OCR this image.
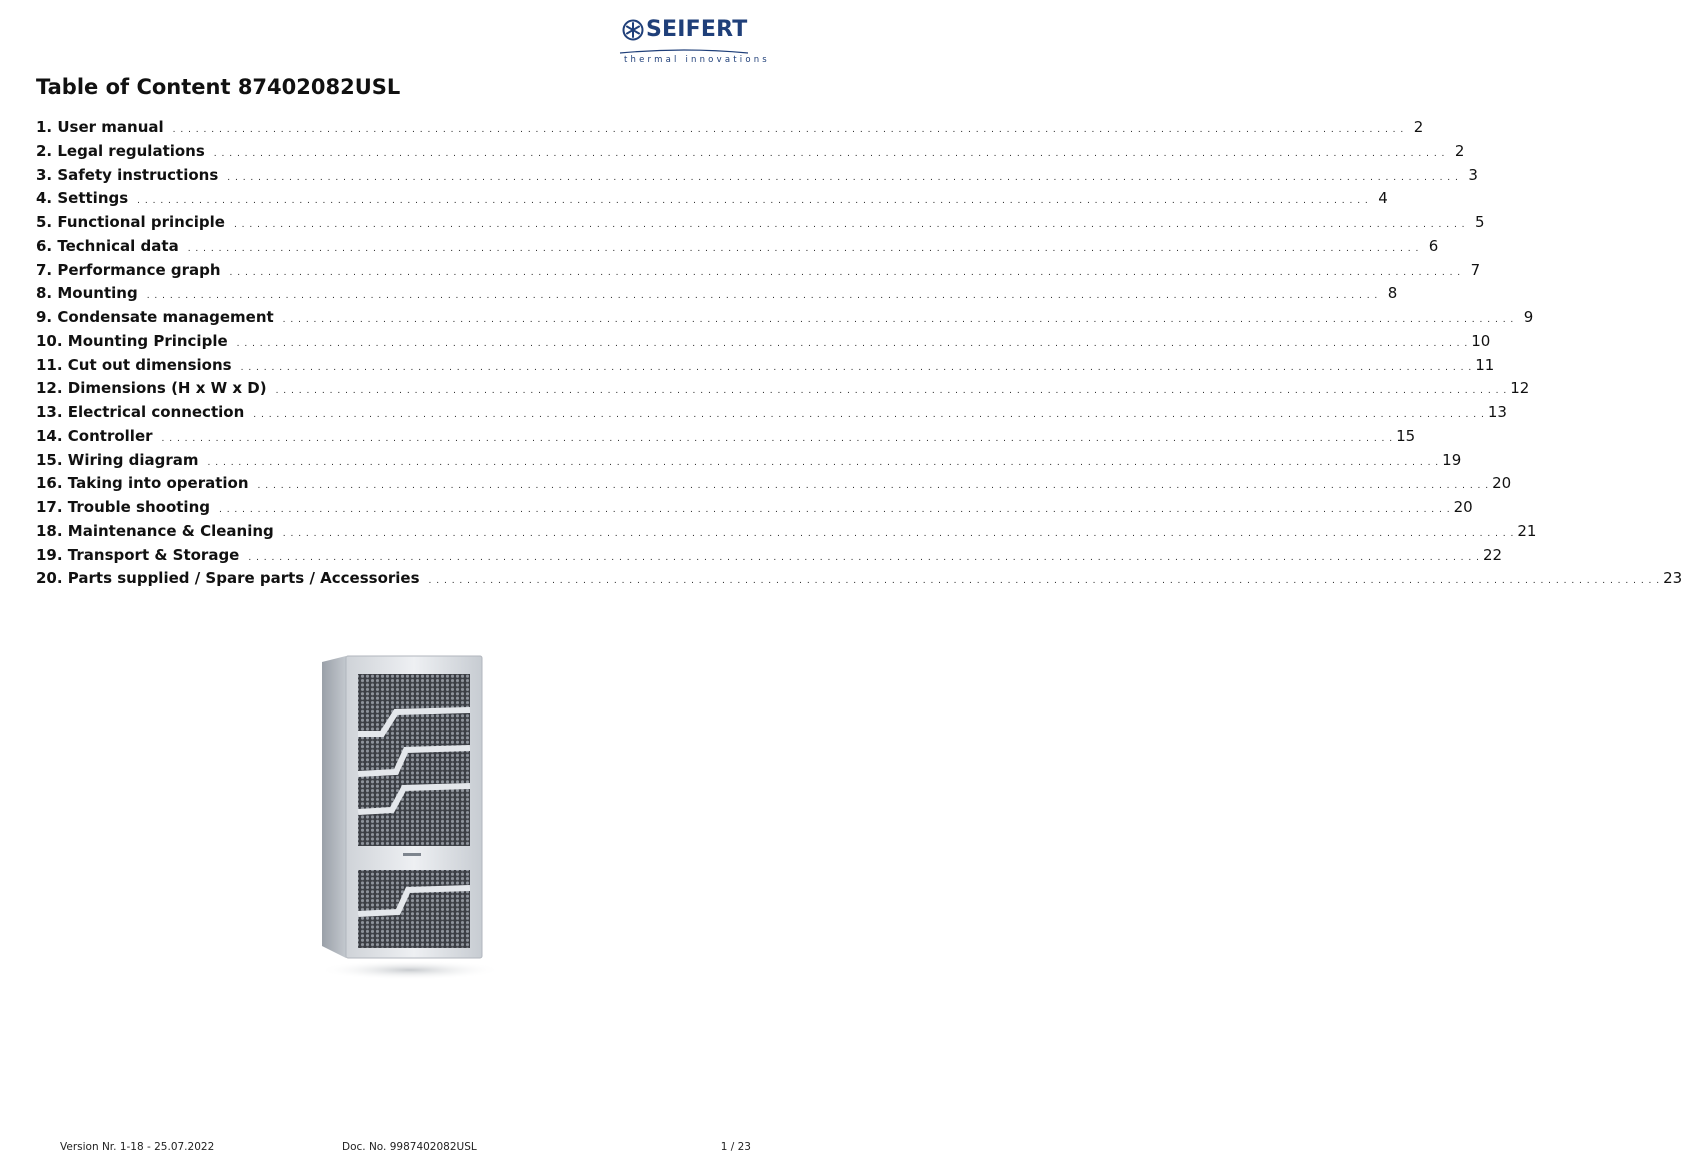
SEIFERT
thermal innovations
Table of Content 87402082USL
1. User manual . . . . . . . . . . . . . . . . . . . . . . . . . . . . . . . . . . . . . . . . . . . . . . . . . . . . . . . . . . . . . . . . . . . . . . . . . . . . . . . . . . . . . . . . . . . . . . . . . . . . . . . . . . . . . . . . . . . . . . . . . . . . . . . . . . . . . . . . . . . . . . . . . . . . . . . . . . . . . . . . 2
2. Legal regulations . . . . . . . . . . . . . . . . . . . . . . . . . . . . . . . . . . . . . . . . . . . . . . . . . . . . . . . . . . . . . . . . . . . . . . . . . . . . . . . . . . . . . . . . . . . . . . . . . . . . . . . . . . . . . . . . . . . . . . . . . . . . . . . . . . . . . . . . . . . . . . . . . . . . . . . . . . . . . . . . 2
3. Safety instructions . . . . . . . . . . . . . . . . . . . . . . . . . . . . . . . . . . . . . . . . . . . . . . . . . . . . . . . . . . . . . . . . . . . . . . . . . . . . . . . . . . . . . . . . . . . . . . . . . . . . . . . . . . . . . . . . . . . . . . . . . . . . . . . . . . . . . . . . . . . . . . . . . . . . . . . . . . . . . . . . 3
4. Settings . . . . . . . . . . . . . . . . . . . . . . . . . . . . . . . . . . . . . . . . . . . . . . . . . . . . . . . . . . . . . . . . . . . . . . . . . . . . . . . . . . . . . . . . . . . . . . . . . . . . . . . . . . . . . . . . . . . . . . . . . . . . . . . . . . . . . . . . . . . . . . . . . . . . . . . . . . . . . . . . 4
5. Functional principle . . . . . . . . . . . . . . . . . . . . . . . . . . . . . . . . . . . . . . . . . . . . . . . . . . . . . . . . . . . . . . . . . . . . . . . . . . . . . . . . . . . . . . . . . . . . . . . . . . . . . . . . . . . . . . . . . . . . . . . . . . . . . . . . . . . . . . . . . . . . . . . . . . . . . . . . . . . . . . . . 5
6. Technical data . . . . . . . . . . . . . . . . . . . . . . . . . . . . . . . . . . . . . . . . . . . . . . . . . . . . . . . . . . . . . . . . . . . . . . . . . . . . . . . . . . . . . . . . . . . . . . . . . . . . . . . . . . . . . . . . . . . . . . . . . . . . . . . . . . . . . . . . . . . . . . . . . . . . . . . . . . . . . . . . 6
7. Performance graph . . . . . . . . . . . . . . . . . . . . . . . . . . . . . . . . . . . . . . . . . . . . . . . . . . . . . . . . . . . . . . . . . . . . . . . . . . . . . . . . . . . . . . . . . . . . . . . . . . . . . . . . . . . . . . . . . . . . . . . . . . . . . . . . . . . . . . . . . . . . . . . . . . . . . . . . . . . . . . . . 7
8. Mounting . . . . . . . . . . . . . . . . . . . . . . . . . . . . . . . . . . . . . . . . . . . . . . . . . . . . . . . . . . . . . . . . . . . . . . . . . . . . . . . . . . . . . . . . . . . . . . . . . . . . . . . . . . . . . . . . . . . . . . . . . . . . . . . . . . . . . . . . . . . . . . . . . . . . . . . . . . . . . . . . 8
9. Condensate management . . . . . . . . . . . . . . . . . . . . . . . . . . . . . . . . . . . . . . . . . . . . . . . . . . . . . . . . . . . . . . . . . . . . . . . . . . . . . . . . . . . . . . . . . . . . . . . . . . . . . . . . . . . . . . . . . . . . . . . . . . . . . . . . . . . . . . . . . . . . . . . . . . . . . . . . . . . . . . . . 9
10. Mounting Principle . . . . . . . . . . . . . . . . . . . . . . . . . . . . . . . . . . . . . . . . . . . . . . . . . . . . . . . . . . . . . . . . . . . . . . . . . . . . . . . . . . . . . . . . . . . . . . . . . . . . . . . . . . . . . . . . . . . . . . . . . . . . . . . . . . . . . . . . . . . . . . . . . . . . . . . . . . . . . . . . 10
11. Cut out dimensions . . . . . . . . . . . . . . . . . . . . . . . . . . . . . . . . . . . . . . . . . . . . . . . . . . . . . . . . . . . . . . . . . . . . . . . . . . . . . . . . . . . . . . . . . . . . . . . . . . . . . . . . . . . . . . . . . . . . . . . . . . . . . . . . . . . . . . . . . . . . . . . . . . . . . . . . . . . . . . . . 11
12. Dimensions (H x W x D) . . . . . . . . . . . . . . . . . . . . . . . . . . . . . . . . . . . . . . . . . . . . . . . . . . . . . . . . . . . . . . . . . . . . . . . . . . . . . . . . . . . . . . . . . . . . . . . . . . . . . . . . . . . . . . . . . . . . . . . . . . . . . . . . . . . . . . . . . . . . . . . . . . . . . . . . . . . . . . . . 12
13. Electrical connection . . . . . . . . . . . . . . . . . . . . . . . . . . . . . . . . . . . . . . . . . . . . . . . . . . . . . . . . . . . . . . . . . . . . . . . . . . . . . . . . . . . . . . . . . . . . . . . . . . . . . . . . . . . . . . . . . . . . . . . . . . . . . . . . . . . . . . . . . . . . . . . . . . . . . . . . . . . . . . . . 13
14. Controller . . . . . . . . . . . . . . . . . . . . . . . . . . . . . . . . . . . . . . . . . . . . . . . . . . . . . . . . . . . . . . . . . . . . . . . . . . . . . . . . . . . . . . . . . . . . . . . . . . . . . . . . . . . . . . . . . . . . . . . . . . . . . . . . . . . . . . . . . . . . . . . . . . . . . . . . . . . . . . . . 15
15. Wiring diagram . . . . . . . . . . . . . . . . . . . . . . . . . . . . . . . . . . . . . . . . . . . . . . . . . . . . . . . . . . . . . . . . . . . . . . . . . . . . . . . . . . . . . . . . . . . . . . . . . . . . . . . . . . . . . . . . . . . . . . . . . . . . . . . . . . . . . . . . . . . . . . . . . . . . . . . . . . . . . . . . 19
16. Taking into operation . . . . . . . . . . . . . . . . . . . . . . . . . . . . . . . . . . . . . . . . . . . . . . . . . . . . . . . . . . . . . . . . . . . . . . . . . . . . . . . . . . . . . . . . . . . . . . . . . . . . . . . . . . . . . . . . . . . . . . . . . . . . . . . . . . . . . . . . . . . . . . . . . . . . . . . . . . . . . . . . 20
17. Trouble shooting . . . . . . . . . . . . . . . . . . . . . . . . . . . . . . . . . . . . . . . . . . . . . . . . . . . . . . . . . . . . . . . . . . . . . . . . . . . . . . . . . . . . . . . . . . . . . . . . . . . . . . . . . . . . . . . . . . . . . . . . . . . . . . . . . . . . . . . . . . . . . . . . . . . . . . . . . . . . . . . . 20
18. Maintenance & Cleaning . . . . . . . . . . . . . . . . . . . . . . . . . . . . . . . . . . . . . . . . . . . . . . . . . . . . . . . . . . . . . . . . . . . . . . . . . . . . . . . . . . . . . . . . . . . . . . . . . . . . . . . . . . . . . . . . . . . . . . . . . . . . . . . . . . . . . . . . . . . . . . . . . . . . . . . . . . . . . . . . 21
19. Transport & Storage . . . . . . . . . . . . . . . . . . . . . . . . . . . . . . . . . . . . . . . . . . . . . . . . . . . . . . . . . . . . . . . . . . . . . . . . . . . . . . . . . . . . . . . . . . . . . . . . . . . . . . . . . . . . . . . . . . . . . . . . . . . . . . . . . . . . . . . . . . . . . . . . . . . . . . . . . . . . . . . . 22
20. Parts supplied / Spare parts / Accessories . . . . . . . . . . . . . . . . . . . . . . . . . . . . . . . . . . . . . . . . . . . . . . . . . . . . . . . . . . . . . . . . . . . . . . . . . . . . . . . . . . . . . . . . . . . . . . . . . . . . . . . . . . . . . . . . . . . . . . . . . . . . . . . . . . . . . . . . . . . . . . . . . . . . . . . . . . . . . . . . 23
Version Nr. 1-18 - 25.07.2022	Doc. No. 9987402082USL	1 / 23
